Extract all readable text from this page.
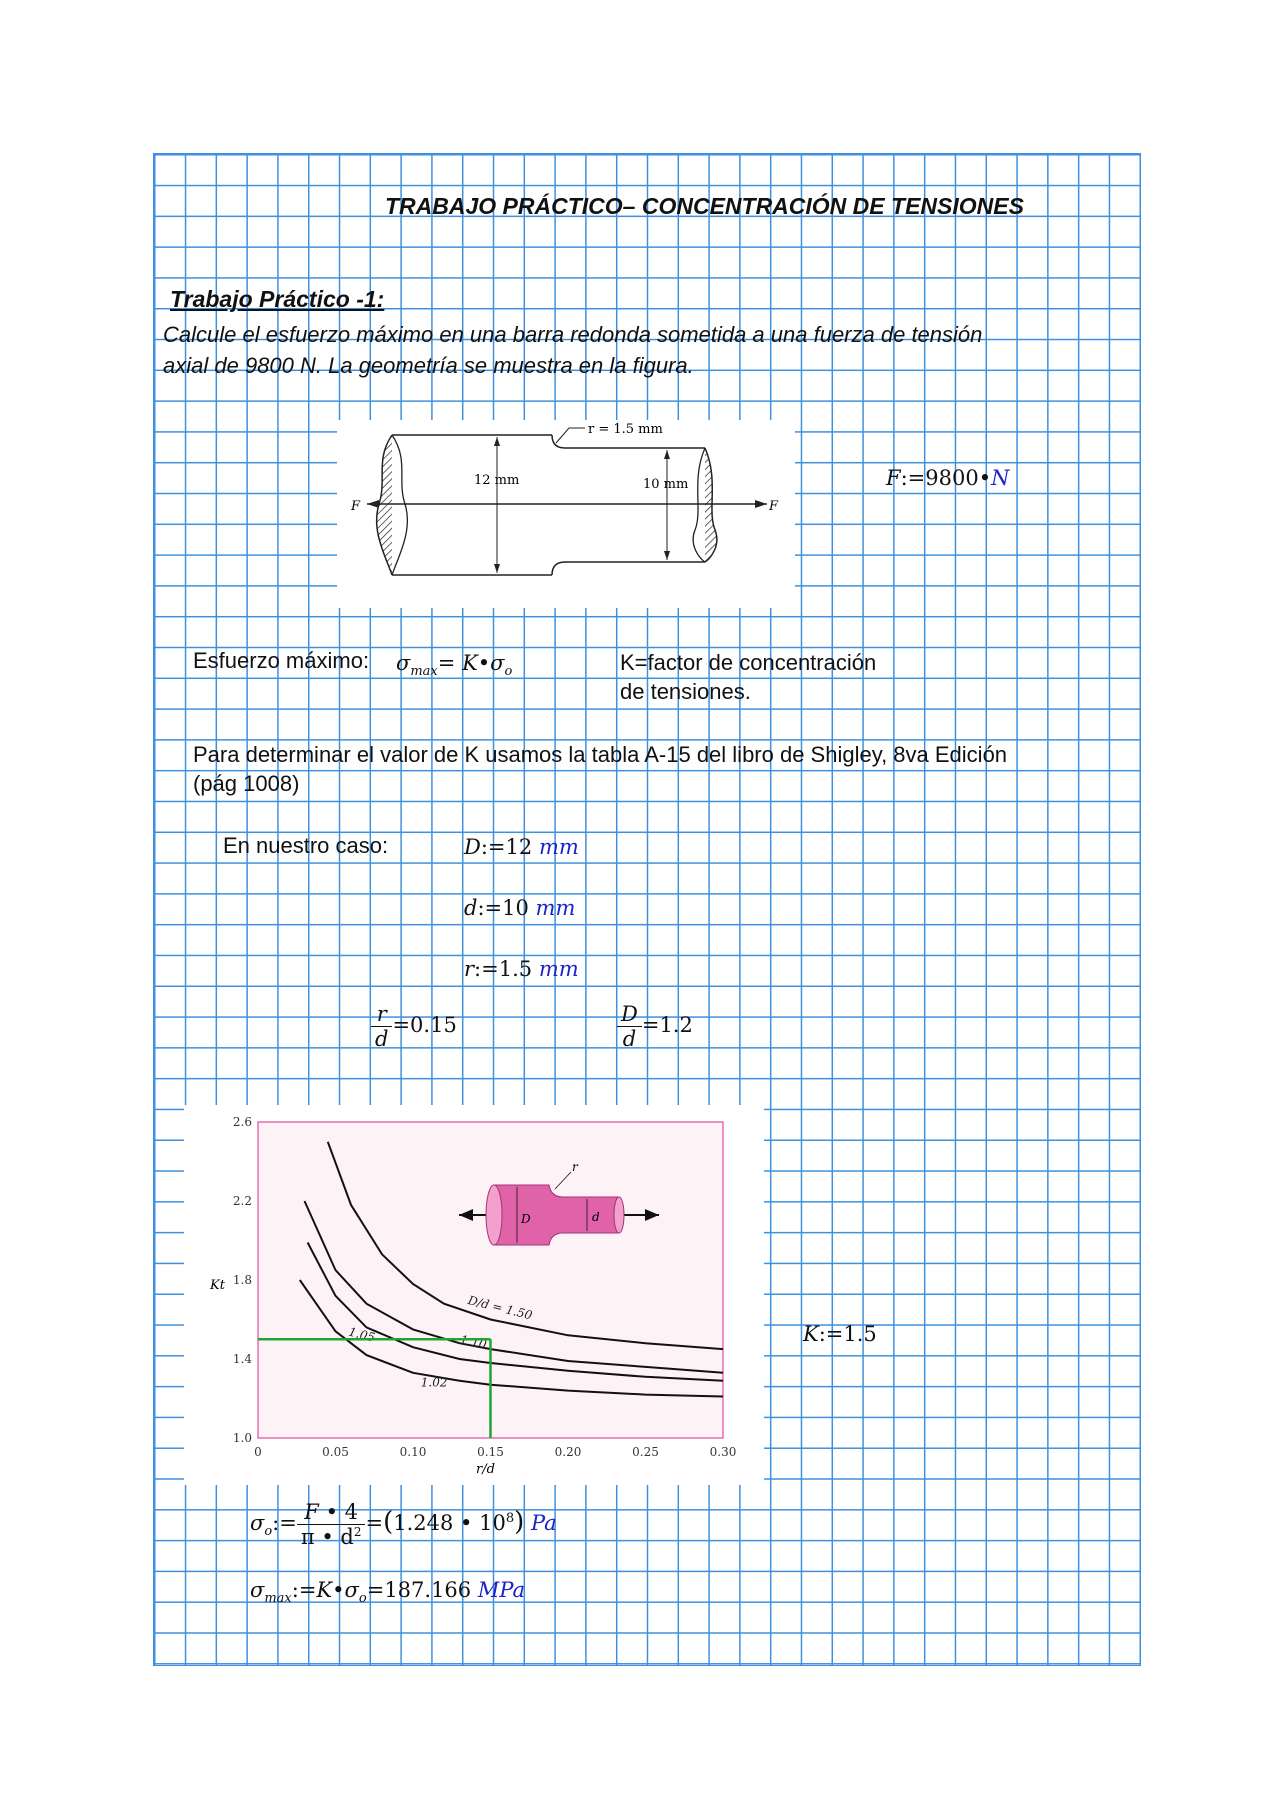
TRABAJO PRÁCTICO– CONCENTRACIÓN DE TENSIONES
Trabajo Práctico -1:
Calcule el esfuerzo máximo en una barra redonda sometida a una fuerza de tensión
axial de 9800 N. La geometría se muestra en la figura.
F	F
12 mm	10 mm
r = 1.5 mm
F:=9800•N
Esfuerzo máximo: $\sigma_{max}=$ $K•\sigma_o$	K=factor de concentración
de tensiones.
Para determinar el valor de K usamos la tabla A-15 del libro de Shigley, 8va Edición
(pág 1008)
En nuestro caso:	D:=12 mm
d:=10 mm
r:=1.5 mm
$\frac{r}{d} =0.15$	$\frac{D}{d} =1.2$
0	0.05	0.10	0.15	0.20	0.25	0.30
1.0
1.4
1.8
2.2
2.6
D/d = 1.50
1.10
1.05
1.02
D	d
r
r/d
Kt
K:=1.5
$\sigma_o:= \frac{F • 4}{\pi • d^2} =(1.248$ • $10^8$) Pa
$\sigma_{max}:=K•\sigma_o=187.166$ MPa
